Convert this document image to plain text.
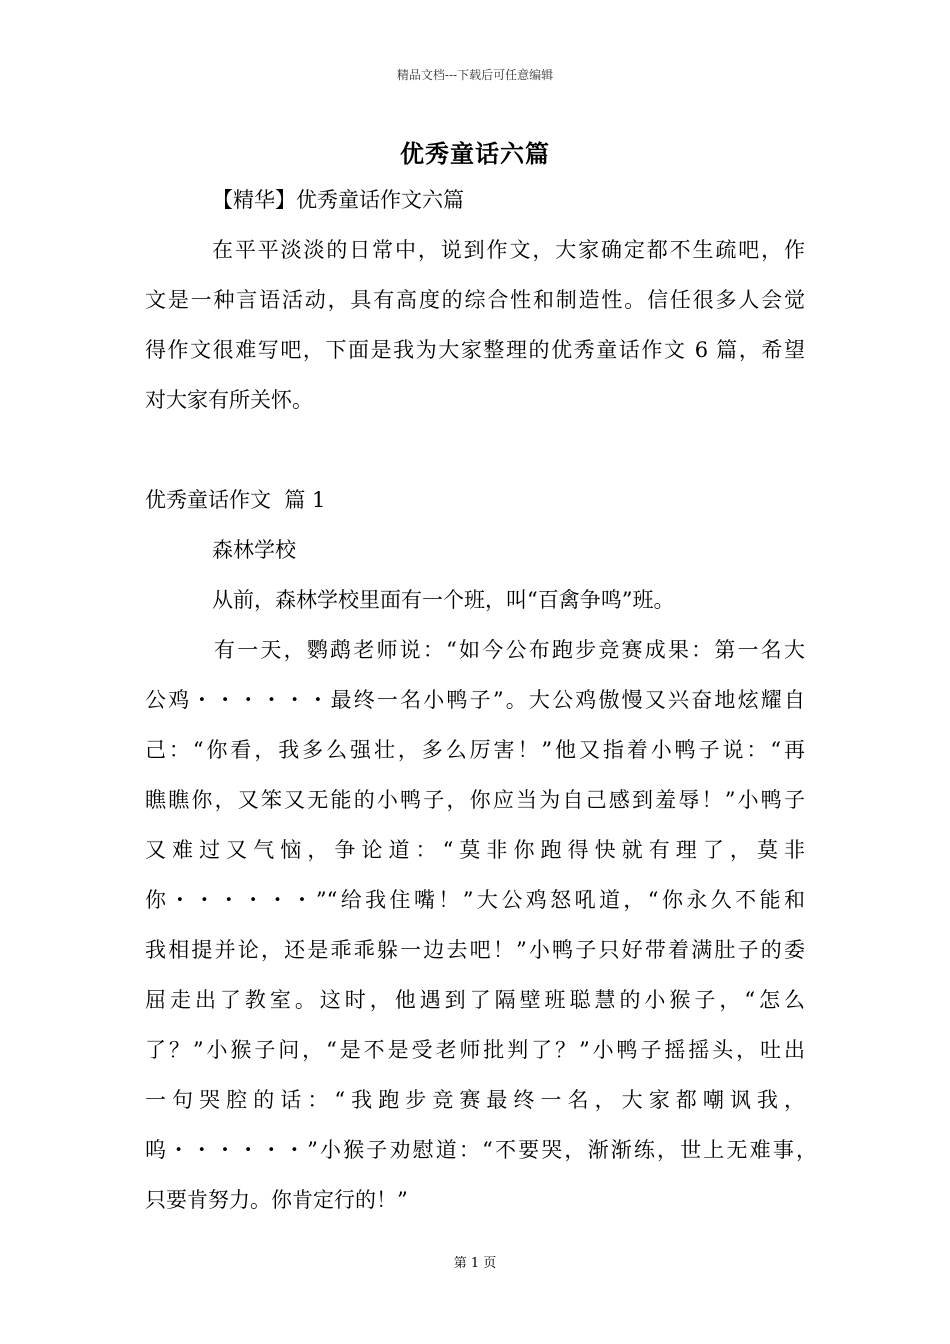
精品文档---下载后可任意编辑
优秀童话六篇
【精华】优秀童话作文六篇
在平平淡淡的日常中，说到作文，大家确定都不生疏吧，作
文是一种言语活动，具有高度的综合性和制造性。信任很多人会觉
得作文很难写吧，下面是我为大家整理的优秀童话作文 6 篇，希望
对大家有所关怀。
优秀童话作文  篇 1
森林学校
从前，森林学校里面有一个班，叫“百禽争鸣”班。
有一天，鹦鹉老师说：“如今公布跑步竞赛成果：第一名大
公鸡・・・・・・最终一名小鸭子”。大公鸡傲慢又兴奋地炫耀自
己：“你看，我多么强壮，多么厉害！”他又指着小鸭子说：“再
瞧瞧你，又笨又无能的小鸭子，你应当为自己感到羞辱！”小鸭子
又难过又气恼，争论道：“莫非你跑得快就有理了，莫非
你・・・・・・”“给我住嘴！”大公鸡怒吼道，“你永久不能和
我相提并论，还是乖乖躲一边去吧！”小鸭子只好带着满肚子的委
屈走出了教室。这时，他遇到了隔壁班聪慧的小猴子，“怎么
了？”小猴子问，“是不是受老师批判了？”小鸭子摇摇头，吐出
一句哭腔的话：“我跑步竞赛最终一名，大家都嘲讽我，
呜・・・・・・”小猴子劝慰道：“不要哭，渐渐练，世上无难事，
只要肯努力。你肯定行的！”
第 1 页
